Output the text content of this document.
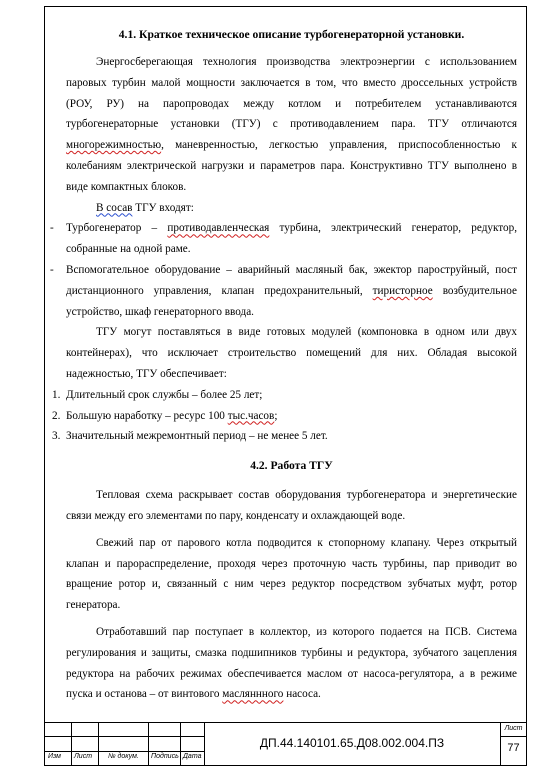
4.1. Краткое техническое описание турбогенераторной установки.

Энергосберегающая технология производства электроэнергии с использованием паровых турбин малой мощности заключается в том, что вместо дроссельных устройств (РОУ, РУ) на паропроводах между котлом и потребителем устанавливаются турбогенераторные установки (ТГУ) с противодавлением пара. ТГУ отличаются многорежимностью, маневренностью, легкостью управления, приспособленностью к колебаниям электрической нагрузки и параметров пара. Конструктивно ТГУ выполнено в виде компактных блоков.

В сосав ТГУ входят:

- Турбогенератор – противодавленческая турбина, электрический генератор, редуктор, собранные на одной раме.
- Вспомогательное оборудование – аварийный масляный бак, эжектор пароструйный, пост дистанционного управления, клапан предохранительный, тиристорное возбудительное устройство, шкаф генераторного ввода.

ТГУ могут поставляться в виде готовых модулей (компоновка в одном или двух контейнерах), что исключает строительство помещений для них. Обладая высокой надежностью, ТГУ обеспечивает:

1. Длительный срок службы – более 25 лет;
2. Большую наработку – ресурс 100 тыс.часов;
3. Значительный межремонтный период – не менее 5 лет.
4.2. Работа ТГУ

Тепловая схема раскрывает состав оборудования турбогенератора и энергетические связи между его элементами по пару, конденсату и охлаждающей воде.

Свежий пар от парового котла подводится к стопорному клапану. Через открытый клапан и парораспределение, проходя через проточную часть турбины, пар приводит во вращение ротор и, связанный с ним через редуктор посредством зубчатых муфт, ротор генератора.

Отработавший пар поступает в коллектор, из которого подается на ПСВ. Система регулирования и защиты, смазка подшипников турбины и редуктора, зубчатого зацепления редуктора на рабочих режимах обеспечивается маслом от насоса-регулятора, а в режиме пуска и останова – от винтового масляннного насоса.

Изм Лист № докум. Подпись Дата
ДП.44.140101.65.Д08.002.004.ПЗ
Лист
77
